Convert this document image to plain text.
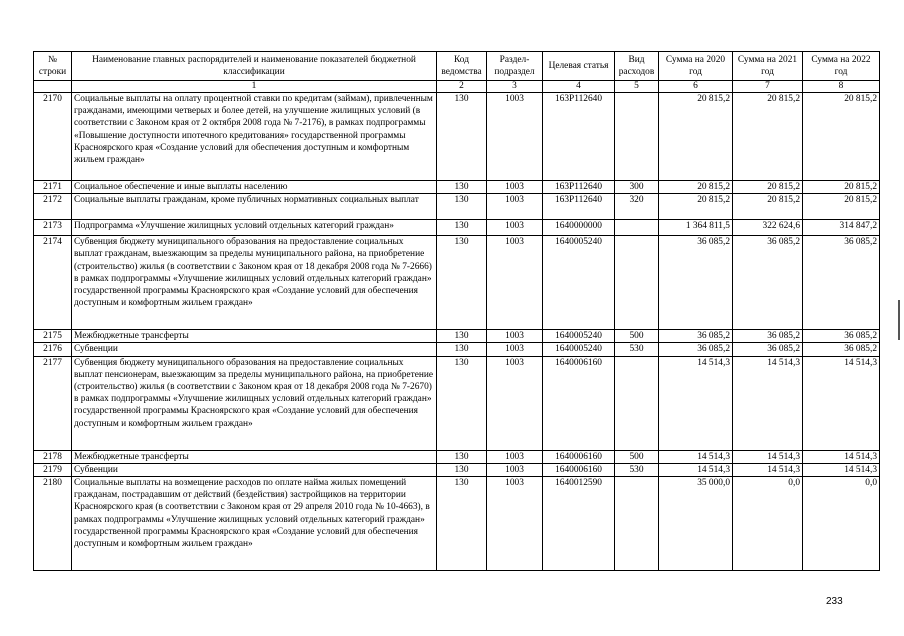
№ строки	Наименование главных распорядителей и наименование показателей бюджетной классификации	Код ведомства	Раздел-подраздел	Целевая статья	Вид расходов	Сумма на 2020 год	Сумма на 2021 год	Сумма на 2022 год
	1	2	3	4	5	6	7	8
2170	Социальные выплаты на оплату процентной ставки по кредитам (займам), привлеченным гражданами, имеющими четверых и более детей, на улучшение жилищных условий (в соответствии с Законом края от 2 октября 2008 года № 7-2176), в рамках подпрограммы «Повышение доступности ипотечного кредитования» государственной программы Красноярского края «Создание условий для обеспечения доступным и комфортным жильем граждан»	130	1003	163Р112640		20 815,2	20 815,2	20 815,2
2171	Социальное обеспечение и иные выплаты населению	130	1003	163Р112640	300	20 815,2	20 815,2	20 815,2
2172	Социальные выплаты гражданам, кроме публичных нормативных социальных выплат	130	1003	163Р112640	320	20 815,2	20 815,2	20 815,2
2173	Подпрограмма «Улучшение жилищных условий отдельных категорий граждан»	130	1003	1640000000		1 364 811,5	322 624,6	314 847,2
2174	Субвенция бюджету муниципального образования на предоставление социальных выплат гражданам, выезжающим за пределы муниципального района, на приобретение (строительство) жилья (в соответствии с Законом края от 18 декабря 2008 года № 7-2666) в рамках подпрограммы «Улучшение жилищных условий отдельных категорий граждан» государственной программы Красноярского края «Создание условий для обеспечения доступным и комфортным жильем граждан»	130	1003	1640005240		36 085,2	36 085,2	36 085,2
2175	Межбюджетные трансферты	130	1003	1640005240	500	36 085,2	36 085,2	36 085,2
2176	Субвенции	130	1003	1640005240	530	36 085,2	36 085,2	36 085,2
2177	Субвенция бюджету муниципального образования на предоставление социальных выплат пенсионерам, выезжающим за пределы муниципального района, на приобретение (строительство) жилья (в соответствии с Законом края от 18 декабря 2008 года № 7-2670) в рамках подпрограммы «Улучшение жилищных условий отдельных категорий граждан» государственной программы Красноярского края «Создание условий для обеспечения доступным и комфортным жильем граждан»	130	1003	1640006160		14 514,3	14 514,3	14 514,3
2178	Межбюджетные трансферты	130	1003	1640006160	500	14 514,3	14 514,3	14 514,3
2179	Субвенции	130	1003	1640006160	530	14 514,3	14 514,3	14 514,3
2180	Социальные выплаты на возмещение расходов по оплате найма жилых помещений гражданам, пострадавшим от действий (бездействия) застройщиков на территории Красноярского края (в соответствии с Законом края от 29 апреля 2010 года № 10-4663), в рамках подпрограммы «Улучшение жилищных условий отдельных категорий граждан» государственной программы Красноярского края «Создание условий для обеспечения доступным и комфортным жильем граждан»	130	1003	1640012590		35 000,0	0,0	0,0
233
